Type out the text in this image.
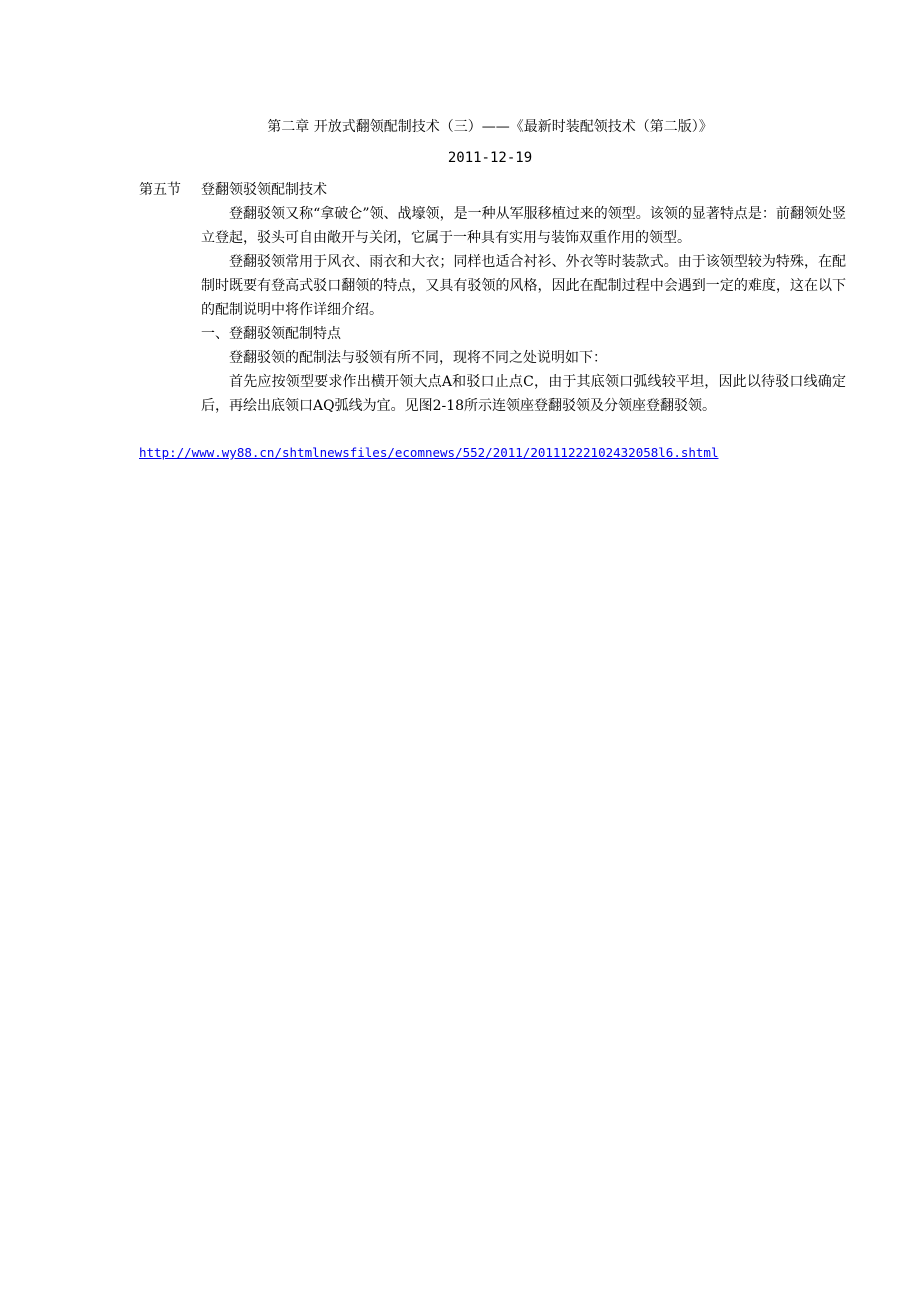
第二章 开放式翻领配制技术（三）——《最新时装配领技术（第二版）》
2011-12-19
第五节 登翻领驳领配制技术

登翻驳领又称“拿破仑”领、战壕领，是一种从军服移植过来的领型。该领的显著特点是：前翻领处竖立登起，驳头可自由敞开与关闭，它属于一种具有实用与装饰双重作用的领型。

登翻驳领常用于风衣、雨衣和大衣；同样也适合衬衫、外衣等时装款式。由于该领型较为特殊，在配制时既要有登高式驳口翻领的特点，又具有驳领的风格，因此在配制过程中会遇到一定的难度，这在以下的配制说明中将作详细介绍。

一、登翻驳领配制特点

登翻驳领的配制法与驳领有所不同，现将不同之处说明如下：

首先应按领型要求作出横开领大点A和驳口止点C，由于其底领口弧线较平坦，因此以待驳口线确定后，再绘出底领口AQ弧线为宜。见图2-18所示连领座登翻驳领及分领座登翻驳领。

http://www.wy88.cn/shtmlnewsfiles/ecomnews/552/2011/20111222102432058l6.shtml
